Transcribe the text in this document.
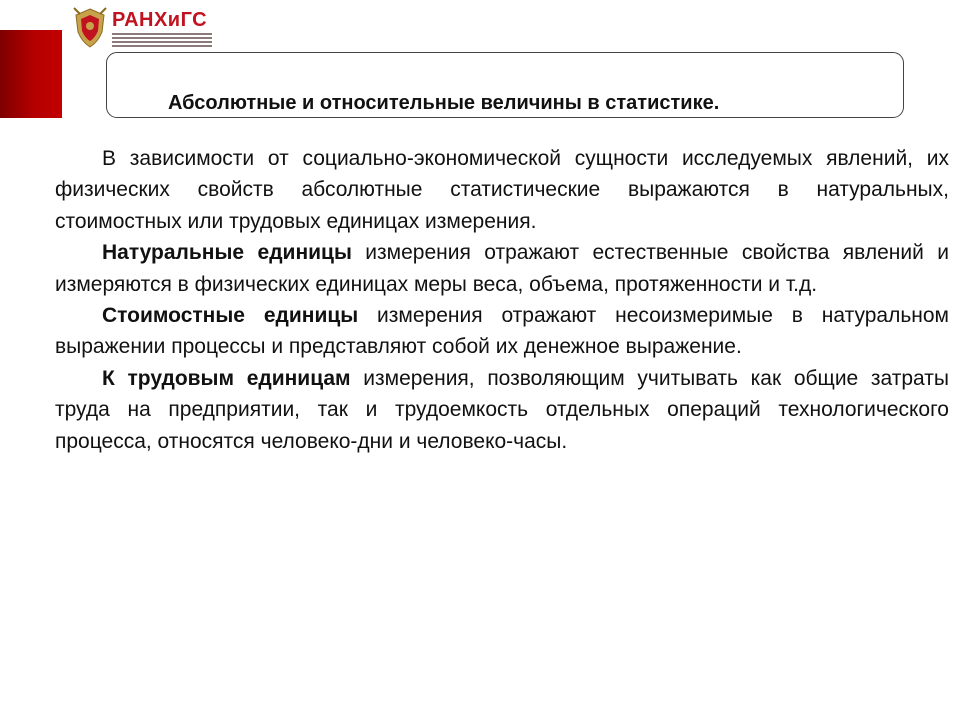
РАНХиГС
Абсолютные и относительные величины в статистике.

В зависимости от социально-экономической сущности исследуемых явлений, их физических свойств абсолютные статистические выражаются в натуральных, стоимостных или трудовых единицах измерения.

Натуральные единицы измерения отражают естественные свойства явлений и измеряются в физических единицах меры веса, объема, протяженности и т.д.

Стоимостные единицы измерения отражают несоизмеримые в натуральном выражении процессы и представляют собой их денежное выражение.

К трудовым единицам измерения, позволяющим учитывать как общие затраты труда на предприятии, так и трудоемкость отдельных операций технологического процесса, относятся человеко-дни и человеко-часы.
